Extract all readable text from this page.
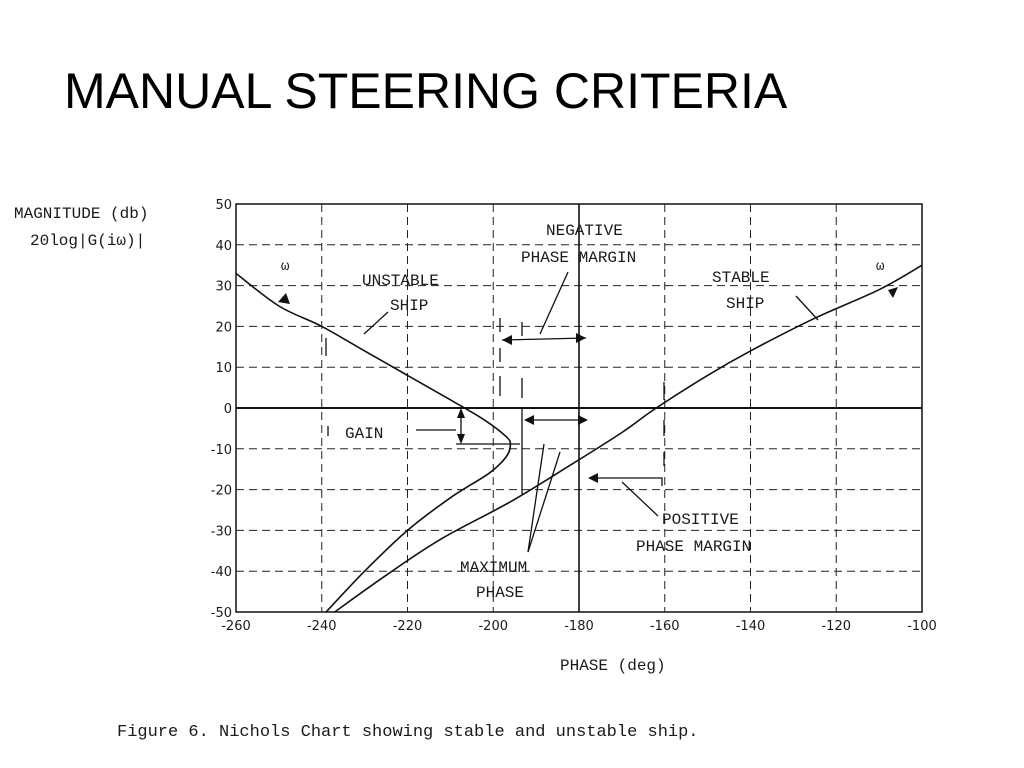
MANUAL STEERING CRITERIA
MAGNITUDE (db)
20log|G(iω)|
50
40
30
20
10
0
-10
-20
-30
-40
-50
-260	-240	-220	-200	-180	-160	-140	-120	-100
ω	ω
UNSTABLE
SHIP
STABLE
SHIP
NEGATIVE
PHASE MARGIN
GAIN
MAXIMUM
PHASE
POSITIVE
PHASE MARGIN
PHASE (deg)
Figure 6. Nichols Chart showing stable and unstable ship.
